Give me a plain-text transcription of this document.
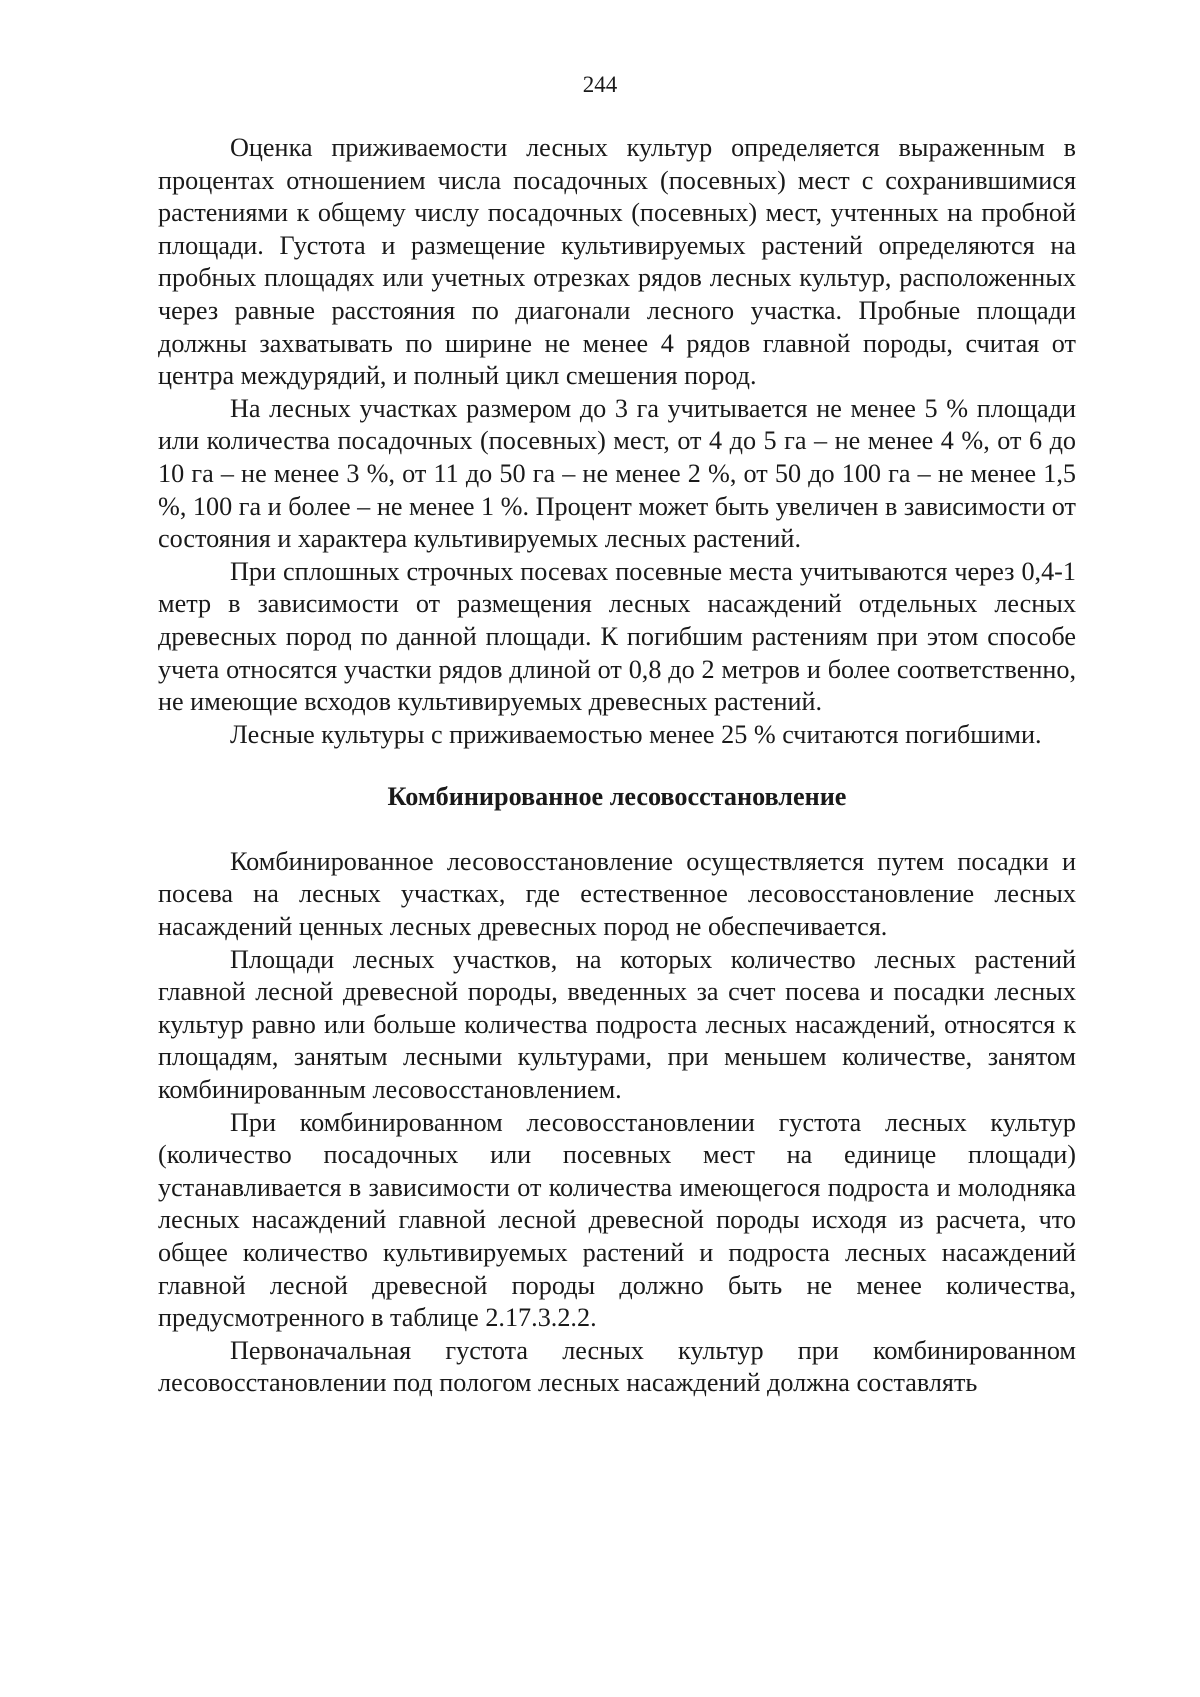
244

Оценка приживаемости лесных культур определяется выраженным в процентах отношением числа посадочных (посевных) мест с сохранившимися растениями к общему числу посадочных (посевных) мест, учтенных на пробной площади. Густота и размещение культивируемых растений определяются на пробных площадях или учетных отрезках рядов лесных культур, расположенных через равные расстояния по диагонали лесного участка. Пробные площади должны захватывать по ширине не менее 4 рядов главной породы, считая от центра междурядий, и полный цикл смешения пород.

На лесных участках размером до 3 га учитывается не менее 5 % площади или количества посадочных (посевных) мест, от 4 до 5 га – не менее 4 %, от 6 до 10 га – не менее 3 %, от 11 до 50 га – не менее 2 %, от 50 до 100 га – не менее 1,5 %, 100 га и более – не менее 1 %. Процент может быть увеличен в зависимости от состояния и характера культивируемых лесных растений.

При сплошных строчных посевах посевные места учитываются через 0,4-1 метр в зависимости от размещения лесных насаждений отдельных лесных древесных пород по данной площади. К погибшим растениям при этом способе учета относятся участки рядов длиной от 0,8 до 2 метров и более соответственно, не имеющие всходов культивируемых древесных растений.

Лесные культуры с приживаемостью менее 25 % считаются погибшими.

Комбинированное лесовосстановление

Комбинированное лесовосстановление осуществляется путем посадки и посева на лесных участках, где естественное лесовосстановление лесных насаждений ценных лесных древесных пород не обеспечивается.

Площади лесных участков, на которых количество лесных растений главной лесной древесной породы, введенных за счет посева и посадки лесных культур равно или больше количества подроста лесных насаждений, относятся к площадям, занятым лесными культурами, при меньшем количестве, занятом комбинированным лесовосстановлением.

При комбинированном лесовосстановлении густота лесных культур (количество посадочных или посевных мест на единице площади) устанавливается в зависимости от количества имеющегося подроста и молодняка лесных насаждений главной лесной древесной породы исходя из расчета, что общее количество культивируемых растений и подроста лесных насаждений главной лесной древесной породы должно быть не менее количества, предусмотренного в таблице 2.17.3.2.2.

Первоначальная густота лесных культур при комбинированном лесовосстановлении под пологом лесных насаждений должна составлять
